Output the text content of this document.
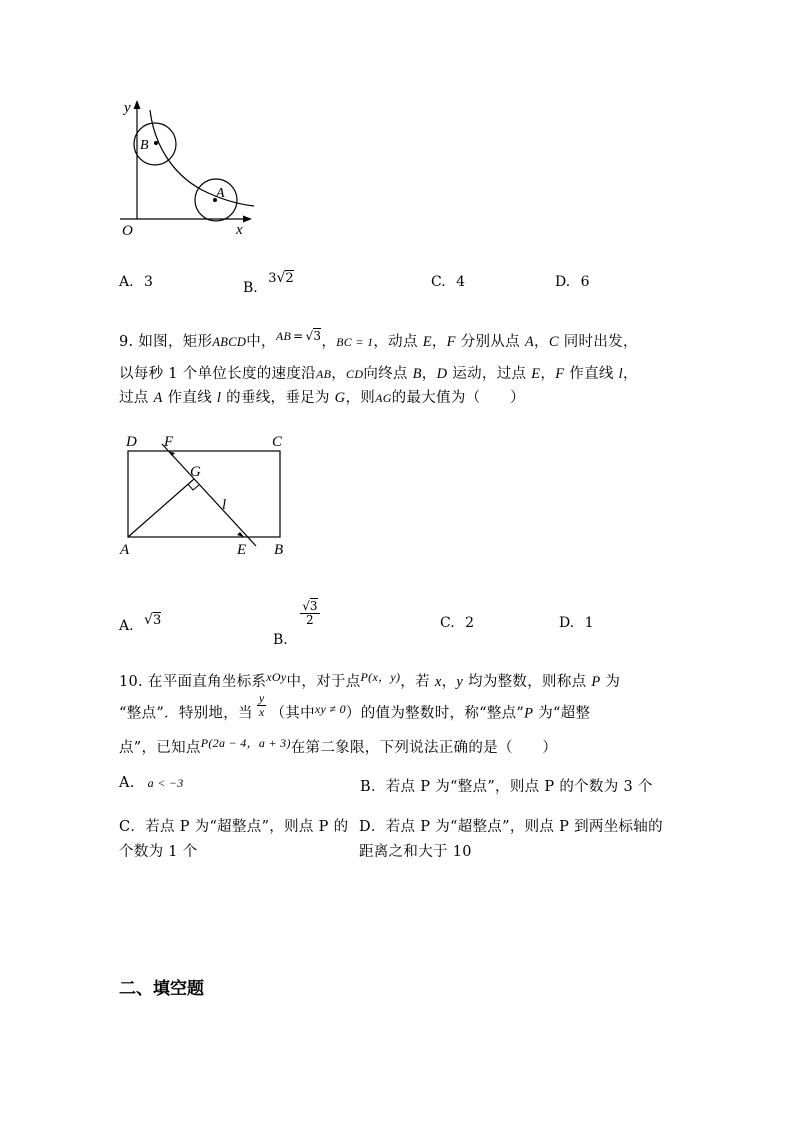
y
x
O
B
A
A. 3	B. 3√2	C. 4	D. 6
9. 如图，矩形ABCD中，$^{AB}$ = $^{√3}$，BC = 1，动点 E，F 分别从点 A，C 同时出发，
以每秒 1 个单位长度的速度沿AB，CD向终点 B，D 运动，过点 E，F 作直线 l，
过点 A 作直线 l 的垂线，垂足为 G，则AG的最大值为（　　）
D F	C
G
l
A	E B
A. √3
B.
$\frac{√3}{2}$	C. 2	D. 1
10. 在平面直角坐标系$^{xOy}$中，对于点$^{P(x,y)}$，若 x，y 均为整数，则称点 P 为
“整点”．特别地，当 $\frac{y}{x}$ （其中$^{xy \ne 0}$）的值为整数时，称“整点”P 为“超整
点”，已知点$^{P(2a - 4,a + 3)}$在第二象限，下列说法正确的是（　　）
A. a < −3	B．若点 P 为“整点”，则点 P 的个数为 3 个
C．若点 P 为“超整点”，则点 P 的
个数为 1 个
D．若点 P 为“超整点”，则点 P 到两坐标轴的
距离之和大于 10
二、填空题
